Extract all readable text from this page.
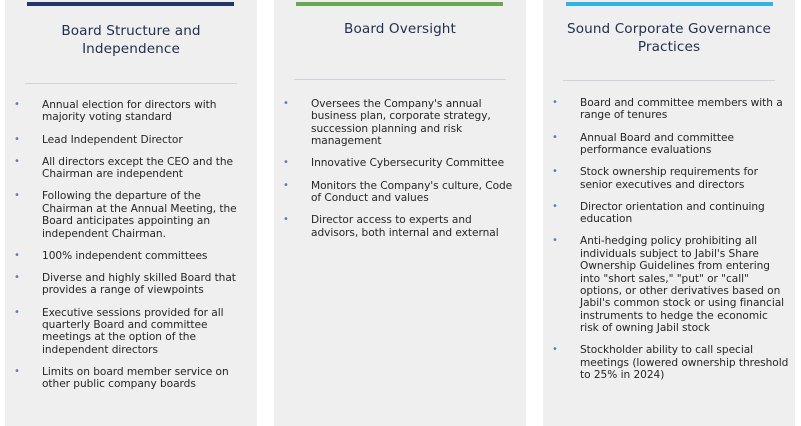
Board Structure and Independence
• Annual election for directors with majority voting standard
• Lead Independent Director
• All directors except the CEO and the Chairman are independent
• Following the departure of the Chairman at the Annual Meeting, the Board anticipates appointing an independent Chairman.
• 100% independent committees
• Diverse and highly skilled Board that provides a range of viewpoints
• Executive sessions provided for all quarterly Board and committee meetings at the option of the independent directors
• Limits on board member service on other public company boards
Board Oversight
• Oversees the Company's annual business plan, corporate strategy, succession planning and risk management
• Innovative Cybersecurity Committee
• Monitors the Company's culture, Code of Conduct and values
• Director access to experts and advisors, both internal and external
Sound Corporate Governance Practices
• Board and committee members with a range of tenures
• Annual Board and committee performance evaluations
• Stock ownership requirements for senior executives and directors
• Director orientation and continuing education
• Anti-hedging policy prohibiting all individuals subject to Jabil's Share Ownership Guidelines from entering into "short sales," "put" or "call" options, or other derivatives based on Jabil's common stock or using financial instruments to hedge the economic risk of owning Jabil stock
• Stockholder ability to call special meetings (lowered ownership threshold to 25% in 2024)
